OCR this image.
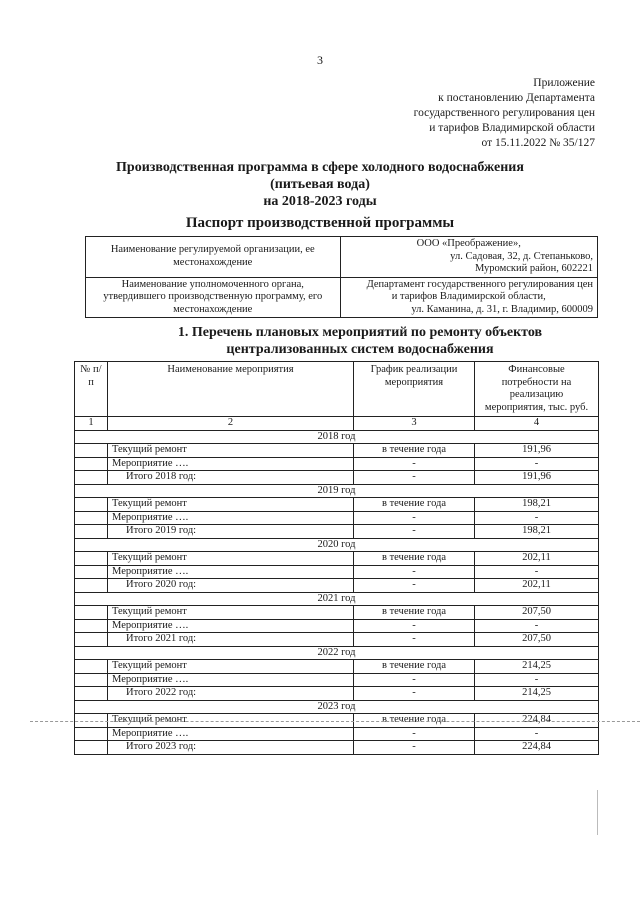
3
Приложение
к постановлению Департамента
государственного регулирования цен
и тарифов Владимирской области
от 15.11.2022 № 35/127
Производственная программа в сфере холодного водоснабжения
(питьевая вода)
на 2018-2023 годы
Паспорт производственной программы
Наименование регулируемой организации, ее местонахождение	ООО «Преображение»,
ул. Садовая, 32, д. Степаньково,
Муромский район, 602221

Наименование уполномоченного органа, утвердившего производственную программу, его местонахождение	Департамент государственного регулирования цен
и тарифов Владимирской области,
ул. Каманина, д. 31, г. Владимир, 600009
1. Перечень плановых мероприятий по ремонту объектов
централизованных систем водоснабжения
№ п/п	Наименование мероприятия	График реализации мероприятия	Финансовые потребности на реализацию мероприятия, тыс. руб.
1	2	3	4
2018 год			
	Текущий ремонт	в течение года	191,96
	Мероприятие ….	-	-
	Итого 2018 год:	-	191,96
2019 год			
	Текущий ремонт	в течение года	198,21
	Мероприятие ….	-	-
	Итого 2019 год:	-	198,21
2020 год			
	Текущий ремонт	в течение года	202,11
	Мероприятие ….	-	-
	Итого 2020 год:	-	202,11
2021 год			
	Текущий ремонт	в течение года	207,50
	Мероприятие ….	-	-
	Итого 2021 год:	-	207,50
2022 год			
	Текущий ремонт	в течение года	214,25
	Мероприятие ….	-	-
	Итого 2022 год:	-	214,25
2023 год			
	Текущий ремонт	в течение года	224,84
	Мероприятие ….	-	-
	Итого 2023 год:	-	224,84
